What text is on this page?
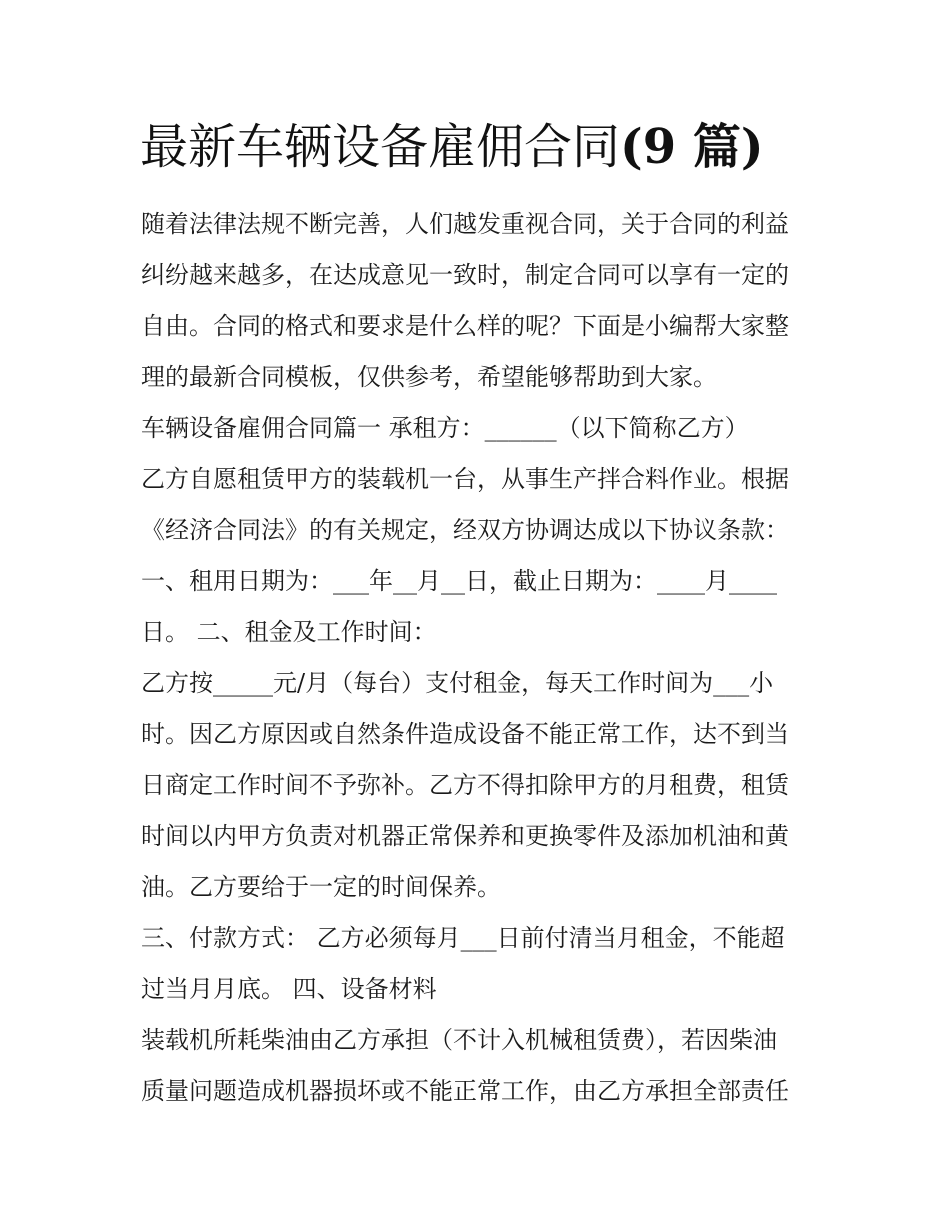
最新车辆设备雇佣合同(9 篇)
随着法律法规不断完善，人们越发重视合同，关于合同的利益
纠纷越来越多，在达成意见一致时，制定合同可以享有一定的
自由。合同的格式和要求是什么样的呢？下面是小编帮大家整
理的最新合同模板，仅供参考，希望能够帮助到大家。
车辆设备雇佣合同篇一 承租方：______（以下简称乙方）
乙方自愿租赁甲方的装载机一台，从事生产拌合料作业。根据
《经济合同法》的有关规定，经双方协调达成以下协议条款：
一、租用日期为：___年__月__日，截止日期为：____月____
日。 二、租金及工作时间：
乙方按_____元/月（每台）支付租金，每天工作时间为___小
时。因乙方原因或自然条件造成设备不能正常工作，达不到当
日商定工作时间不予弥补。乙方不得扣除甲方的月租费，租赁
时间以内甲方负责对机器正常保养和更换零件及添加机油和黄
油。乙方要给于一定的时间保养。
三、付款方式： 乙方必须每月___日前付清当月租金，不能超
过当月月底。 四、设备材料
装载机所耗柴油由乙方承担（不计入机械租赁费），若因柴油
质量问题造成机器损坏或不能正常工作，由乙方承担全部责任
